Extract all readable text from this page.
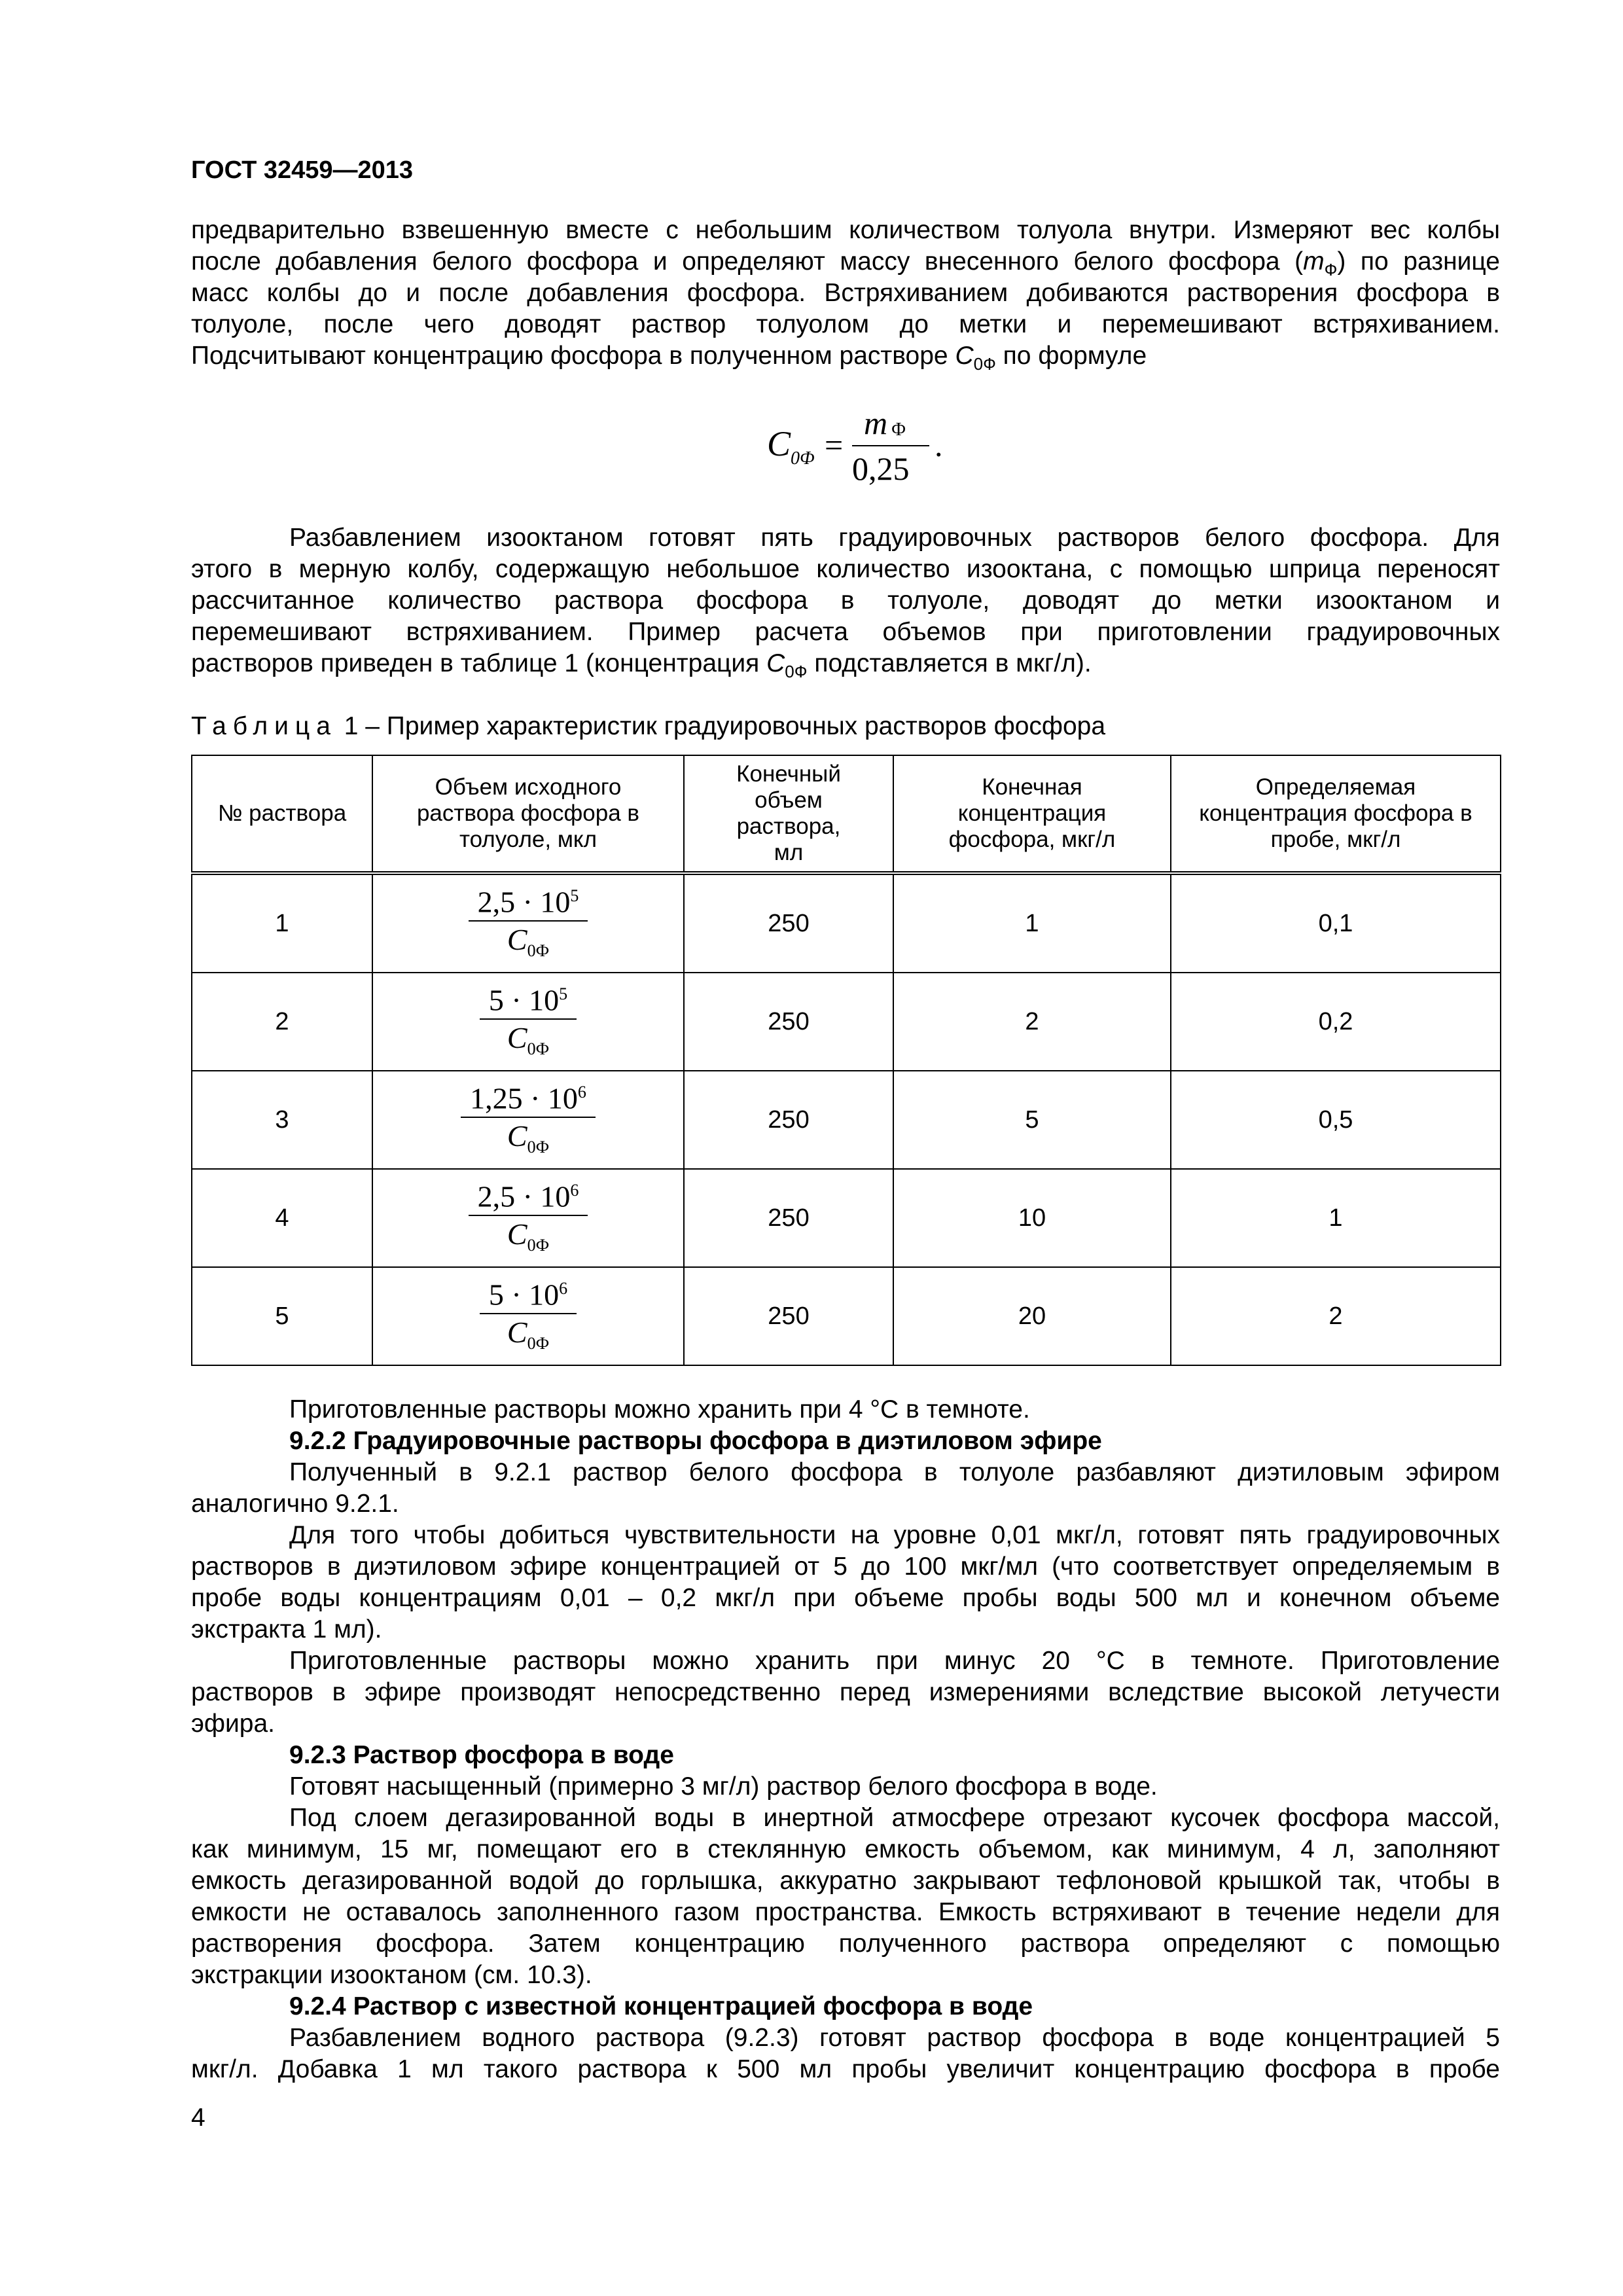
ГОСТ 32459—2013
предварительно взвешенную вместе с небольшим количеством толуола внутри. Измеряют вес колбы
после добавления белого фосфора и определяют массу внесенного белого фосфора $(m_Ф)$ по разнице
масс колбы до и после добавления фосфора. Встряхиванием добиваются растворения фосфора в
толуоле, после чего доводят раствор толуолом до метки и перемешивают встряхиванием.
Подсчитывают концентрацию фосфора в полученном растворе $С_{0Ф}$ по формуле
C 0Ф =
m Ф
0,25
.
Разбавлением изооктаном готовят пять градуировочных растворов белого фосфора. Для
этого в мерную колбу, содержащую небольшое количество изооктана, с помощью шприца переносят
рассчитанное количество раствора фосфора в толуоле, доводят до метки изооктаном и
перемешивают встряхиванием. Пример расчета объемов при приготовлении градуировочных
растворов приведен в таблице 1 (концентрация $С_{0Ф}$ подставляется в мкг/л).
Таблица 1 – Пример характеристик градуировочных растворов фосфора
№ раствора	Объем исходного раствора фосфора в толуоле, мкл	Конечный объем раствора, мл	Конечная концентрация фосфора, мкг/л	Определяемая концентрация фосфора в пробе, мкг/л
1	$\frac{2,5 \cdot 10^5}{C_{0Ф}}$	250	1	0,1
2	$\frac{5 \cdot 10^5}{C_{0Ф}}$	250	2	0,2
3	$\frac{1,25 \cdot 10^6}{C_{0Ф}}$	250	5	0,5
4	$\frac{2,5 \cdot 10^6}{C_{0Ф}}$	250	10	1
5	$\frac{5 \cdot 10^6}{C_{0Ф}}$	250	20	2
Приготовленные растворы можно хранить при 4 °С в темноте.
9.2.2 Градуировочные растворы фосфора в диэтиловом эфире
Полученный в 9.2.1 раствор белого фосфора в толуоле разбавляют диэтиловым эфиром
аналогично 9.2.1.
Для того чтобы добиться чувствительности на уровне 0,01 мкг/л, готовят пять градуировочных
растворов в диэтиловом эфире концентрацией от 5 до 100 мкг/мл (что соответствует определяемым в
пробе воды концентрациям 0,01 – 0,2 мкг/л при объеме пробы воды 500 мл и конечном объеме
экстракта 1 мл).
Приготовленные растворы можно хранить при минус 20 °С в темноте. Приготовление
растворов в эфире производят непосредственно перед измерениями вследствие высокой летучести
эфира.
9.2.3 Раствор фосфора в воде
Готовят насыщенный (примерно 3 мг/л) раствор белого фосфора в воде.
Под слоем дегазированной воды в инертной атмосфере отрезают кусочек фосфора массой,
как минимум, 15 мг, помещают его в стеклянную емкость объемом, как минимум, 4 л, заполняют
емкость дегазированной водой до горлышка, аккуратно закрывают тефлоновой крышкой так, чтобы в
емкости не оставалось заполненного газом пространства. Емкость встряхивают в течение недели для
растворения фосфора. Затем концентрацию полученного раствора определяют с помощью
экстракции изооктаном (см. 10.3).
9.2.4 Раствор с известной концентрацией фосфора в воде
Разбавлением водного раствора (9.2.3) готовят раствор фосфора в воде концентрацией 5
мкг/л. Добавка 1 мл такого раствора к 500 мл пробы увеличит концентрацию фосфора в пробе
4
